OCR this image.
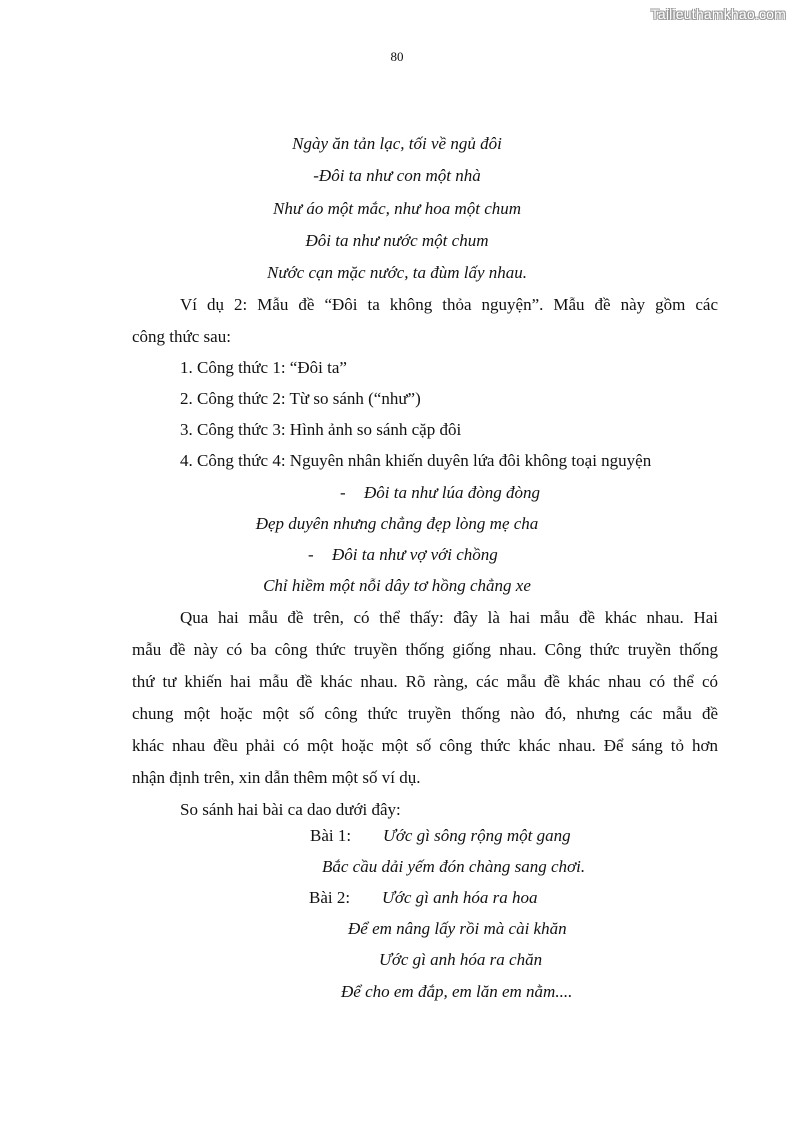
Tailieuthamkhao.com
80
Ngày ăn tản lạc, tối về ngủ đôi
-Đôi ta như con một nhà
Như áo một mắc, như hoa một chum
Đôi ta như nước một chum
Nước cạn mặc nước, ta đùm lấy nhau.
Ví dụ 2: Mẫu đề “Đôi ta không thỏa nguyện”. Mẫu đề này gồm các
công thức sau:
1. Công thức 1: “Đôi ta”
2. Công thức 2: Từ so sánh (“như”)
3. Công thức 3: Hình ảnh so sánh cặp đôi
4. Công thức 4: Nguyên nhân khiến duyên lứa đôi không toại nguyện
- Đôi ta như lúa đòng đòng
Đẹp duyên nhưng chẳng đẹp lòng mẹ cha
- Đôi ta như vợ với chồng
Chỉ hiềm một nỗi dây tơ hồng chẳng xe
Qua hai mẫu đề trên, có thể thấy: đây là hai mẫu đề khác nhau. Hai
mẫu đề này có ba công thức truyền thống giống nhau. Công thức truyền thống
thứ tư khiến hai mẫu đề khác nhau. Rõ ràng, các mẫu đề khác nhau có thể có
chung một hoặc một số công thức truyền thống nào đó, nhưng các mẫu đề
khác nhau đều phải có một hoặc một số công thức khác nhau. Để sáng tỏ hơn
nhận định trên, xin dẫn thêm một số ví dụ.
So sánh hai bài ca dao dưới đây:
Bài 1: Ước gì sông rộng một gang
Bắc cầu dải yếm đón chàng sang chơi.
Bài 2: Ước gì anh hóa ra hoa
Để em nâng lấy rồi mà cài khăn
Ước gì anh hóa ra chăn
Để cho em đắp, em lăn em nằm....
